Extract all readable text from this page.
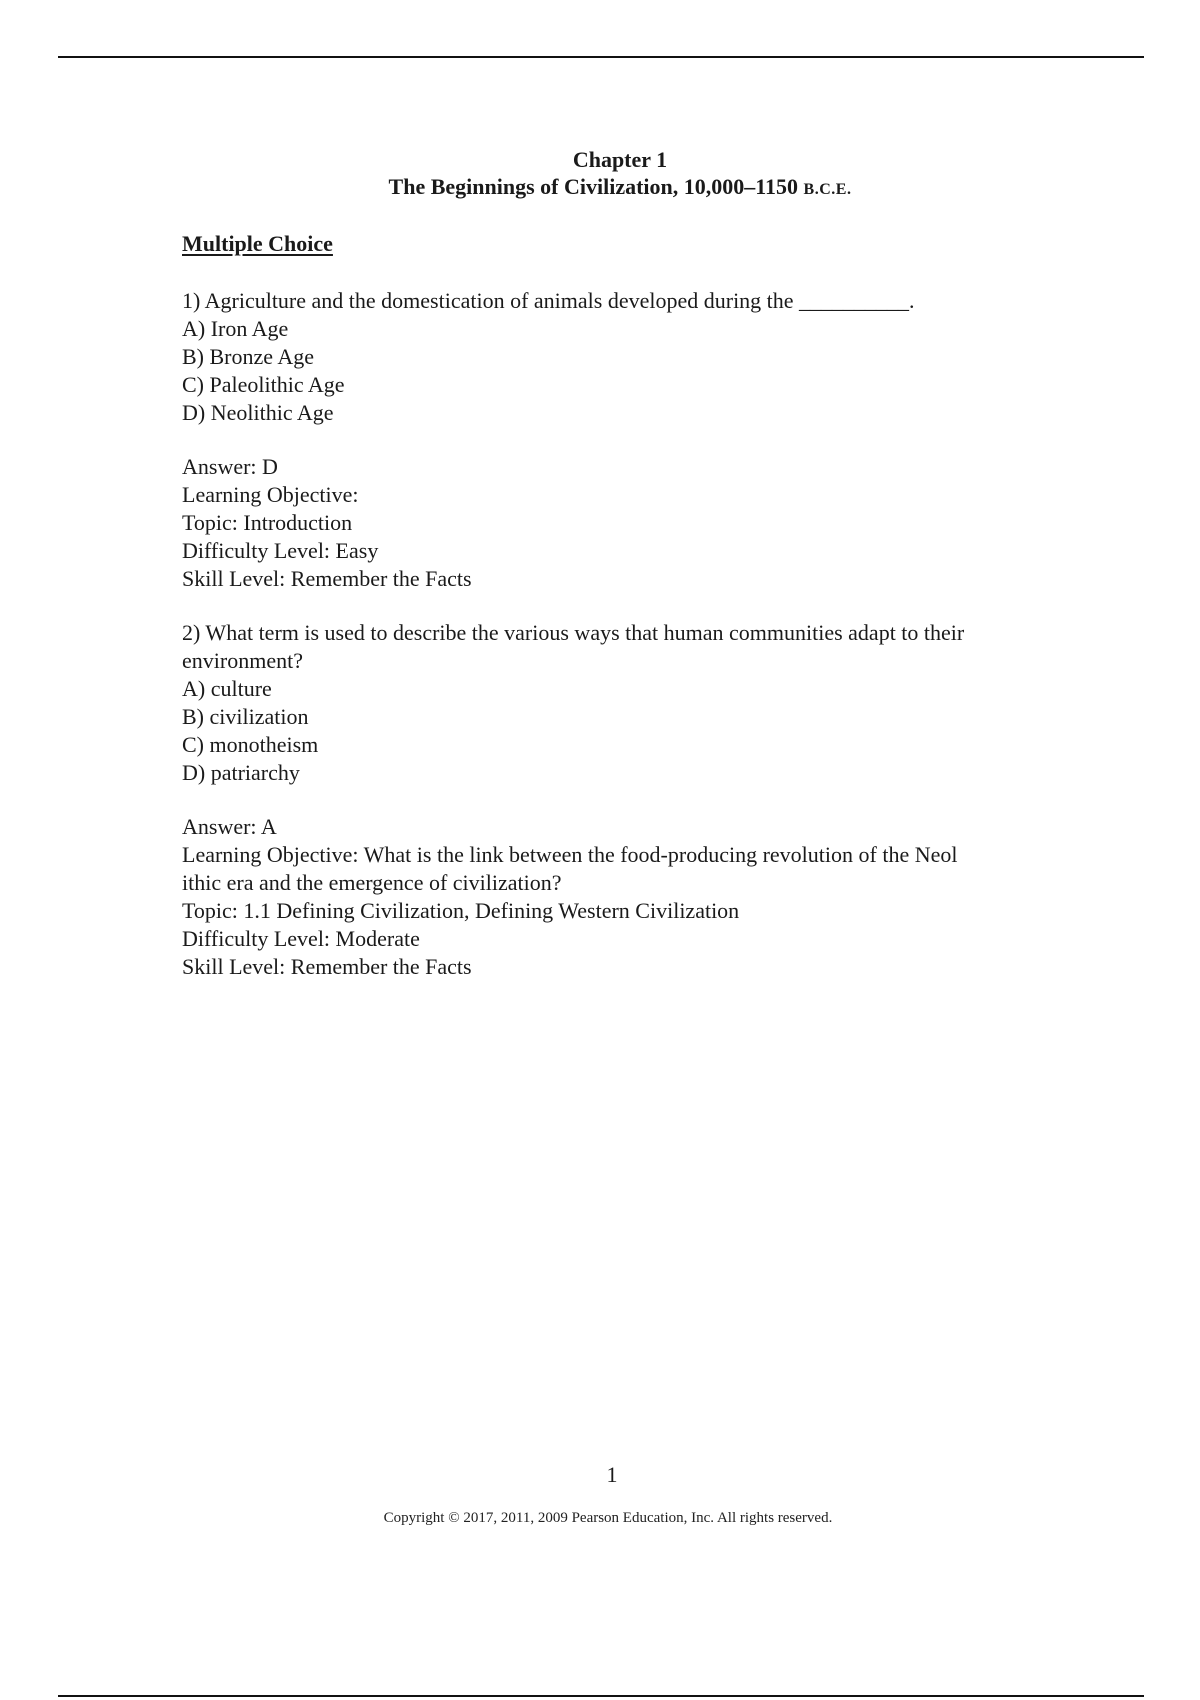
Chapter 1
The Beginnings of Civilization, 10,000–1150 B.C.E.
Multiple Choice
1) Agriculture and the domestication of animals developed during the __________.
A) Iron Age
B) Bronze Age
C) Paleolithic Age
D) Neolithic Age
Answer: D
Learning Objective:
Topic: Introduction
Difficulty Level: Easy
Skill Level: Remember the Facts
2) What term is used to describe the various ways that human communities adapt to their
environment?
A) culture
B) civilization
C) monotheism
D) patriarchy
Answer: A
Learning Objective: What is the link between the food-producing revolution of the Neol
ithic era and the emergence of civilization?
Topic: 1.1 Defining Civilization, Defining Western Civilization
Difficulty Level: Moderate
Skill Level: Remember the Facts
1
Copyright © 2017, 2011, 2009 Pearson Education, Inc. All rights reserved.
